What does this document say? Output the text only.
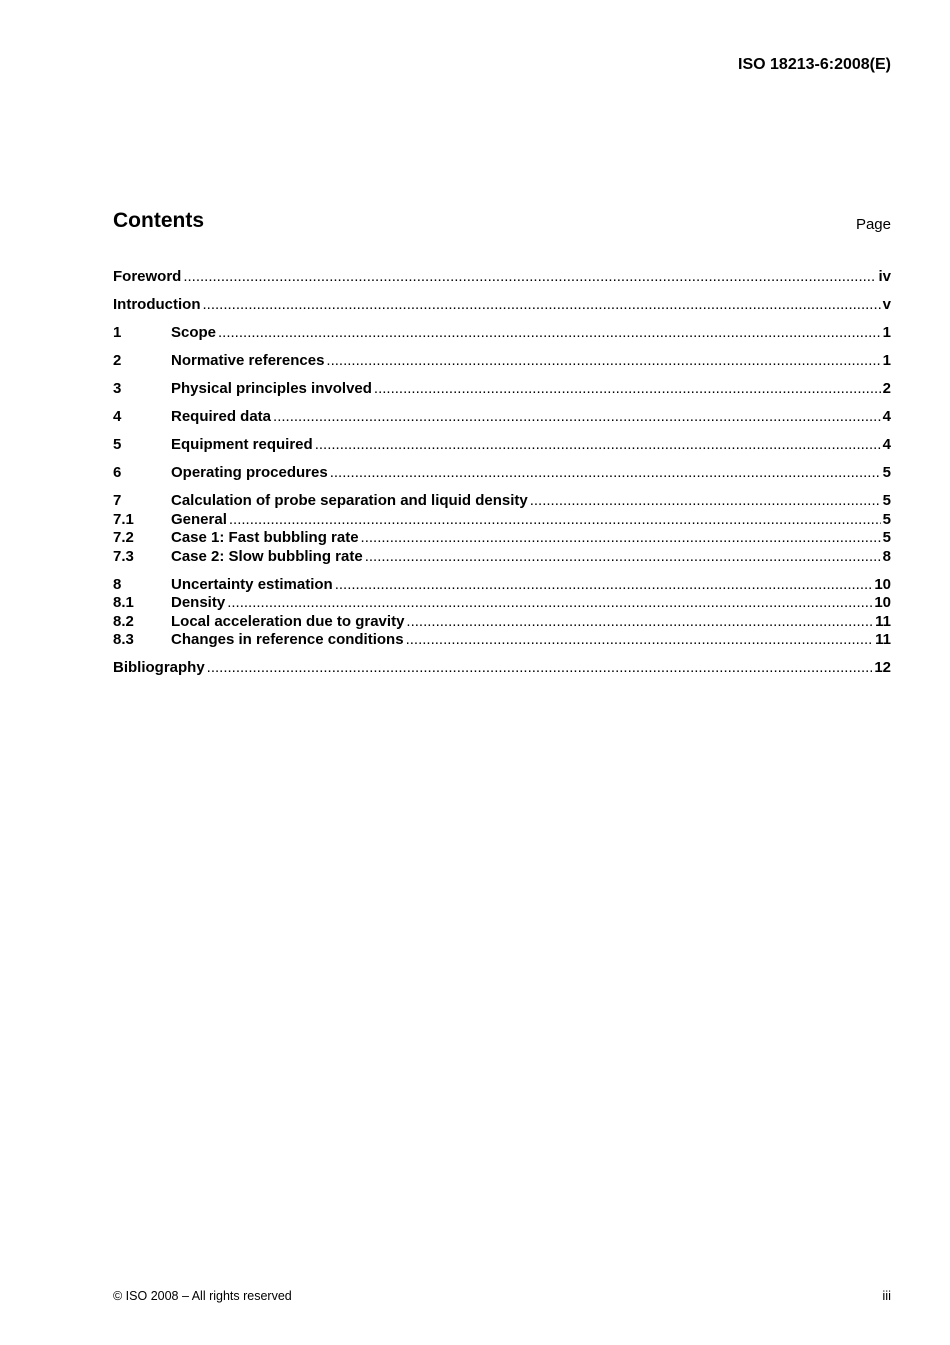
ISO 18213-6:2008(E)
Contents	Page
Foreword .....	iv
Introduction .....	v
1	Scope .....	1
2	Normative references .....	1
3	Physical principles involved .....	2
4	Required data .....	4
5	Equipment required .....	4
6	Operating procedures .....	5
7	Calculation of probe separation and liquid density .....	5
7.1	General .....	5
7.2	Case 1: Fast bubbling rate .....	5
7.3	Case 2: Slow bubbling rate .....	8
8	Uncertainty estimation .....	10
8.1	Density .....	10
8.2	Local acceleration due to gravity .....	11
8.3	Changes in reference conditions .....	11
Bibliography .....	12
© ISO 2008 – All rights reserved	iii
